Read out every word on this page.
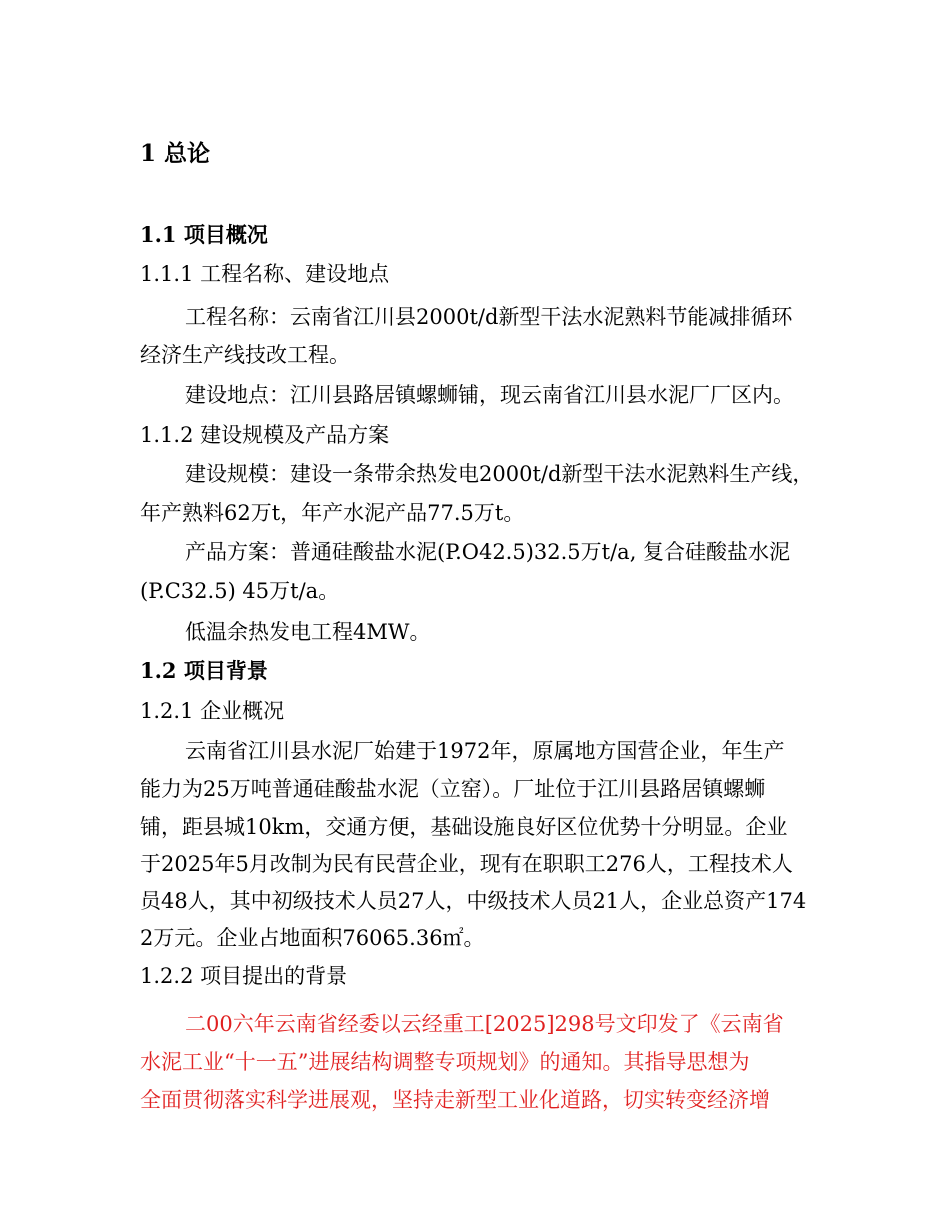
1 总论
1.1 项目概况
1.1.1 工程名称、建设地点
工程名称：云南省江川县2000t/d新型干法水泥熟料节能减排循环
经济生产线技改工程。
建设地点：江川县路居镇螺蛳铺，现云南省江川县水泥厂厂区内。
1.1.2 建设规模及产品方案
建设规模：建设一条带余热发电2000t/d新型干法水泥熟料生产线，
年产熟料62万t，年产水泥产品77.5万t。
产品方案：普通硅酸盐水泥(P.O42.5)32.5万t/a, 复合硅酸盐水泥
(P.C32.5) 45万t/a。
低温余热发电工程4MW。
1.2 项目背景
1.2.1 企业概况
云南省江川县水泥厂始建于1972年，原属地方国营企业，年生产
能力为25万吨普通硅酸盐水泥（立窑）。厂址位于江川县路居镇螺蛳
铺，距县城10km，交通方便，基础设施良好区位优势十分明显。企业
于2025年5月改制为民有民营企业，现有在职职工276人，工程技术人
员48人，其中初级技术人员27人，中级技术人员21人，企业总资产174
2万元。企业占地面积76065.36㎡。
1.2.2 项目提出的背景
二00六年云南省经委以云经重工[2025]298号文印发了《云南省
水泥工业“十一五”进展结构调整专项规划》的通知。其指导思想为
全面贯彻落实科学进展观，坚持走新型工业化道路，切实转变经济增
